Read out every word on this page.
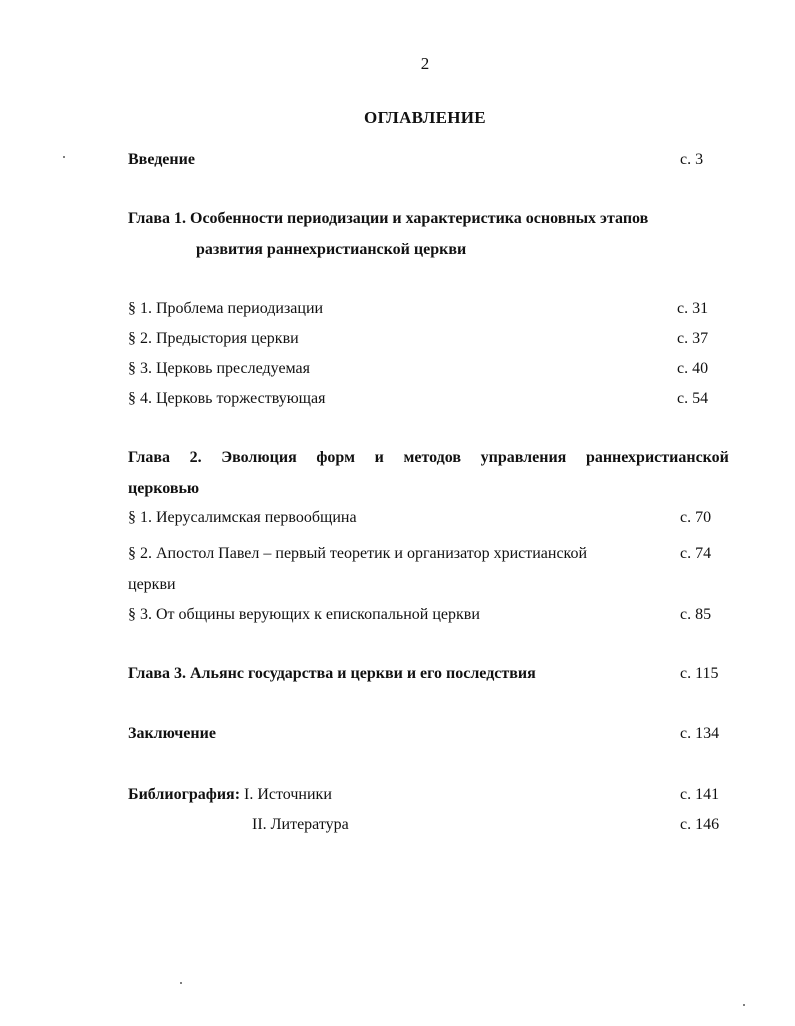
2
ОГЛАВЛЕНИЕ
Введение	с. 3
Глава 1. Особенности периодизации и характеристика основных этапов
развития раннехристианской церкви
§ 1. Проблема периодизации	с. 31
§ 2. Предыстория церкви	с. 37
§ 3. Церковь преследуемая	с. 40
§ 4. Церковь торжествующая	с. 54
Глава 2. Эволюция форм и методов управления раннехристианской
церковью
§ 1. Иерусалимская первообщина	с. 70
§ 2. Апостол Павел – первый теоретик и организатор христианской	с. 74
церкви
§ 3. От общины верующих к епископальной церкви	с. 85
Глава 3. Альянс государства и церкви и его последствия	с. 115
Заключение	с. 134
Библиография: I. Источники	с. 141
II. Литература	с. 146
